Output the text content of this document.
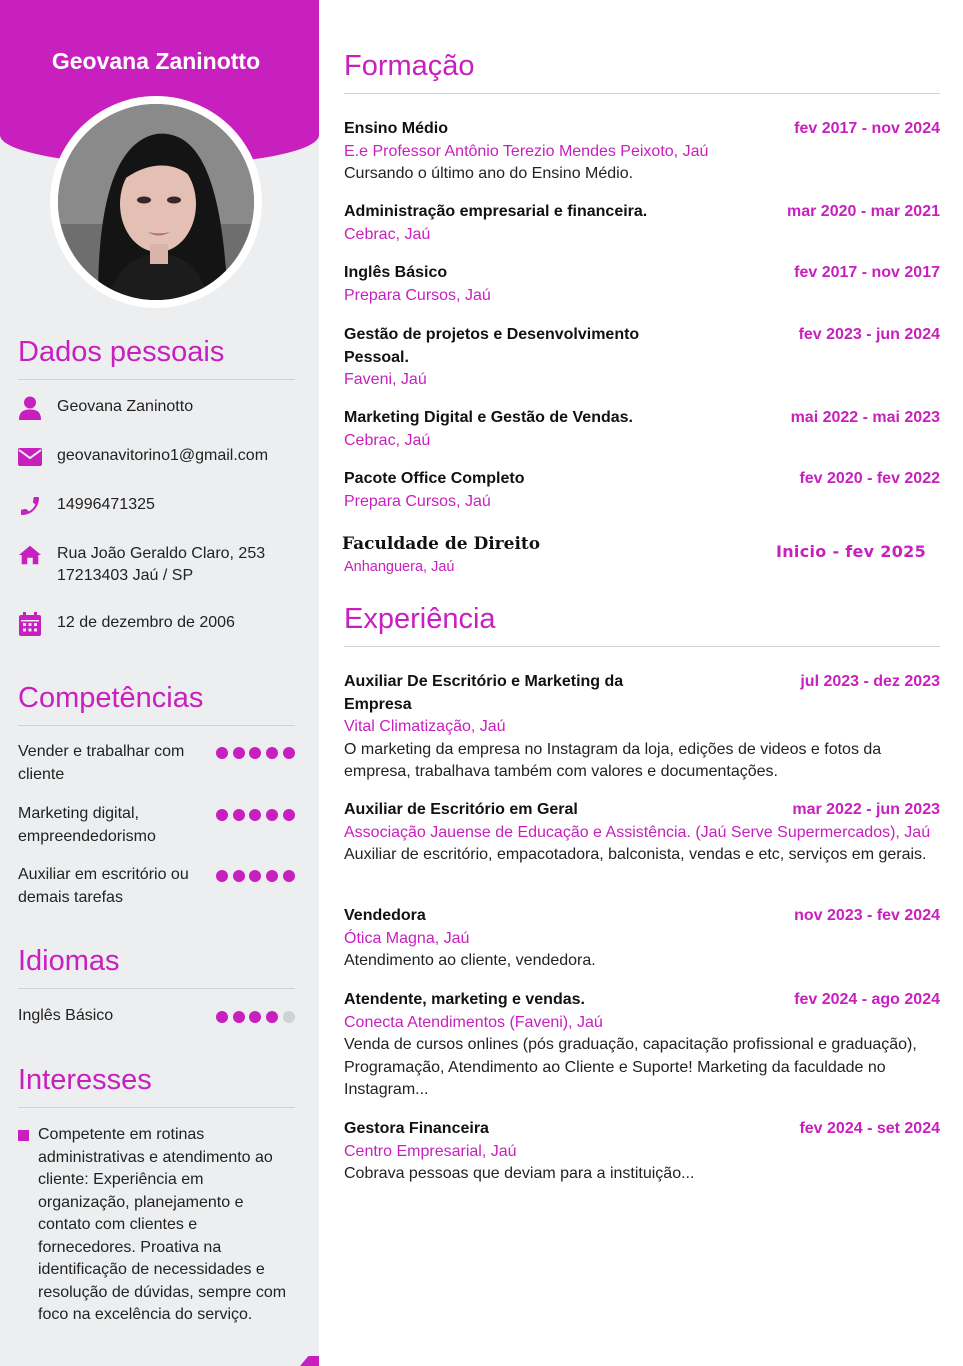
Geovana Zaninotto
Dados pessoais
Geovana Zaninotto
geovanavitorino1@gmail.com
14996471325
Rua João Geraldo Claro, 253
17213403 Jaú / SP
12 de dezembro de 2006
Competências
Vender e trabalhar com cliente
Marketing digital, empreendedorismo
Auxiliar em escritório ou demais tarefas
Idiomas
Inglês Básico
Interesses
Competente em rotinas administrativas e atendimento ao cliente: Experiência em organização, planejamento e contato com clientes e fornecedores. Proativa na identificação de necessidades e resolução de dúvidas, sempre com foco na excelência do serviço.
Formação
Ensino Médio	fev 2017 - nov 2024
E.e Professor Antônio Terezio Mendes Peixoto, Jaú
Cursando o último ano do Ensino Médio.
Administração empresarial e financeira.	mar 2020 - mar 2021
Cebrac, Jaú
Inglês Básico	fev 2017 - nov 2017
Prepara Cursos, Jaú
Gestão de projetos e Desenvolvimento Pessoal.
fev 2023 - jun 2024
Faveni, Jaú
Marketing Digital e Gestão de Vendas.	mai 2022 - mai 2023
Cebrac, Jaú
Pacote Office Completo	fev 2020 - fev 2022
Prepara Cursos, Jaú
Faculdade de Direito	Inicio - fev 2025
Anhanguera, Jaú
Experiência
Auxiliar De Escritório e Marketing da Empresa
jul 2023 - dez 2023
Vital Climatização, Jaú
O marketing da empresa no Instagram da loja, edições de videos e fotos da empresa, trabalhava também com valores e documentações.
Auxiliar de Escritório em Geral	mar 2022 - jun 2023
Associação Jauense de Educação e Assistência. (Jaú Serve Supermercados), Jaú
Auxiliar de escritório, empacotadora, balconista, vendas e etc, serviços em gerais.
Vendedora	nov 2023 - fev 2024
Ótica Magna, Jaú
Atendimento ao cliente, vendedora.
Atendente, marketing e vendas.	fev 2024 - ago 2024
Conecta Atendimentos (Faveni), Jaú
Venda de cursos onlines (pós graduação, capacitação profissional e graduação), Programação, Atendimento ao Cliente e Suporte! Marketing da faculdade no Instagram...
Gestora Financeira	fev 2024 - set 2024
Centro Empresarial, Jaú
Cobrava pessoas que deviam para a instituição...
